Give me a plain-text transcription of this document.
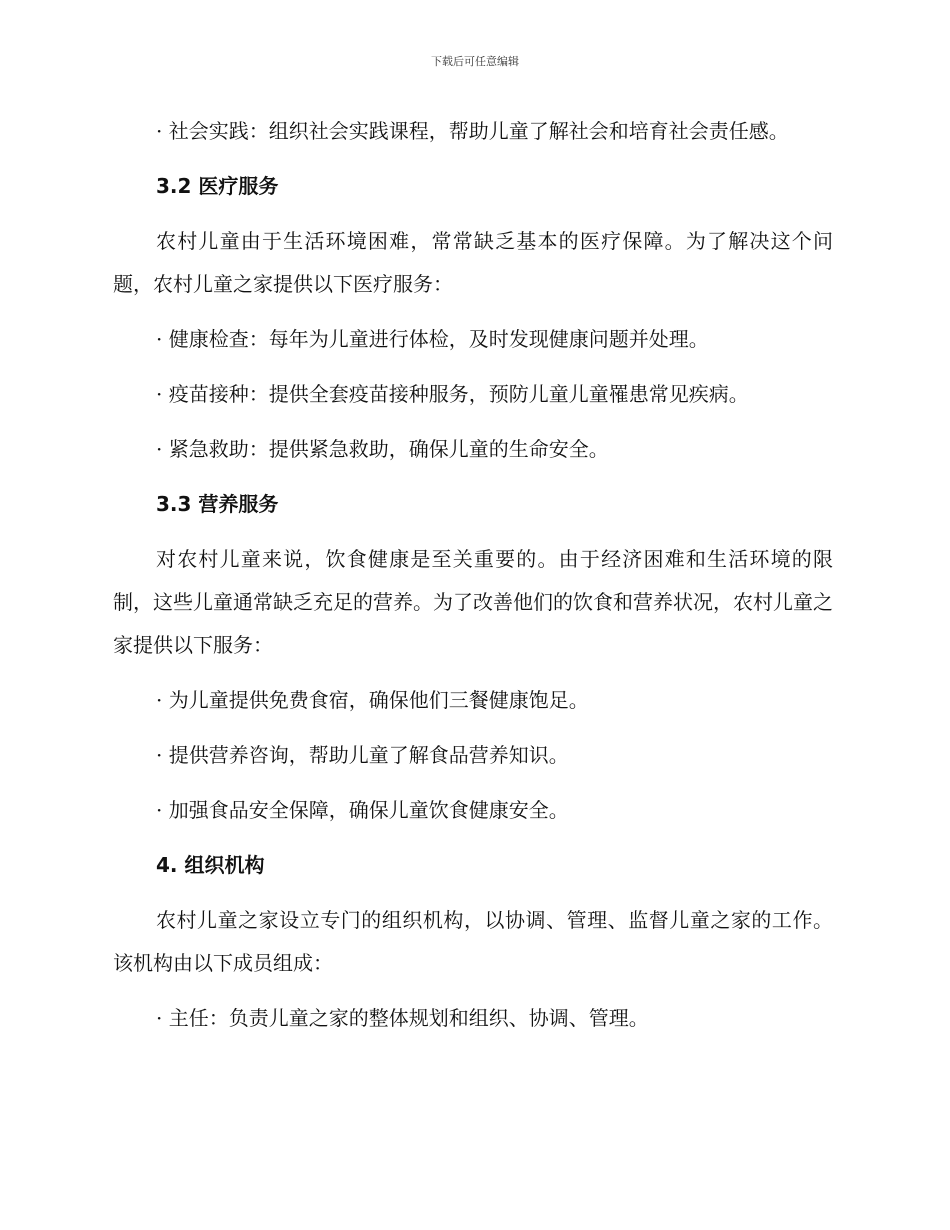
下载后可任意编辑

· 社会实践：组织社会实践课程，帮助儿童了解社会和培育社会责任感。

3.2 医疗服务

农村儿童由于生活环境困难，常常缺乏基本的医疗保障。为了解决这个问题，农村儿童之家提供以下医疗服务：

· 健康检查：每年为儿童进行体检，及时发现健康问题并处理。

· 疫苗接种：提供全套疫苗接种服务，预防儿童儿童罹患常见疾病。

· 紧急救助：提供紧急救助，确保儿童的生命安全。

3.3 营养服务

对农村儿童来说，饮食健康是至关重要的。由于经济困难和生活环境的限制，这些儿童通常缺乏充足的营养。为了改善他们的饮食和营养状况，农村儿童之家提供以下服务：

· 为儿童提供免费食宿，确保他们三餐健康饱足。

· 提供营养咨询，帮助儿童了解食品营养知识。

· 加强食品安全保障，确保儿童饮食健康安全。

4. 组织机构

农村儿童之家设立专门的组织机构，以协调、管理、监督儿童之家的工作。该机构由以下成员组成：

· 主任：负责儿童之家的整体规划和组织、协调、管理。
